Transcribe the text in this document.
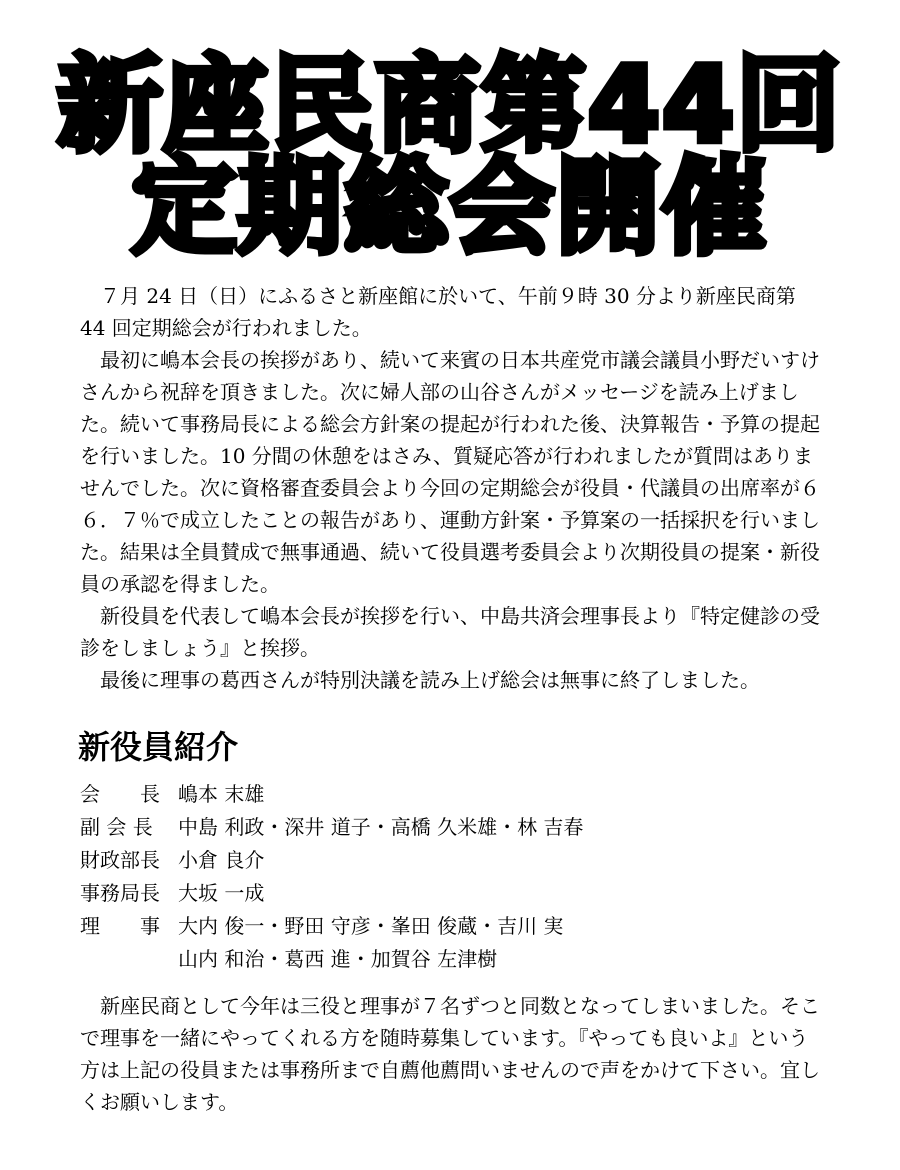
新座民商第44回
定期総会開催

　７月 24 日（日）にふるさと新座館に於いて、午前９時 30 分より新座民商第 44 回定期総会が行われました。

　最初に嶋本会長の挨拶があり、続いて来賓の日本共産党市議会議員小野だいすけさんから祝辞を頂きました。次に婦人部の山谷さんがメッセージを読み上げました。続いて事務局長による総会方針案の提起が行われた後、決算報告・予算の提起を行いました。10 分間の休憩をはさみ、質疑応答が行われましたが質問はありませんでした。次に資格審査委員会より今回の定期総会が役員・代議員の出席率が６６．７％で成立したことの報告があり、運動方針案・予算案の一括採択を行いました。結果は全員賛成で無事通過、続いて役員選考委員会より次期役員の提案・新役員の承認を得ました。

　新役員を代表して嶋本会長が挨拶を行い、中島共済会理事長より『特定健診の受診をしましょう』と挨拶。

　最後に理事の葛西さんが特別決議を読み上げ総会は無事に終了しました。

新役員紹介
会　　長 嶋本 末雄
副 会 長	中島 利政・深井 道子・高橋 久米雄・林 吉春
財政部長 小倉 良介
事務局長 大坂 一成
理　　事 大内 俊一・野田 守彦・峯田 俊蔵・吉川 実
山内 和治・葛西 進・加賀谷 左津樹

　新座民商として今年は三役と理事が７名ずつと同数となってしまいました。そこで理事を一緒にやってくれる方を随時募集しています。『やっても良いよ』という方は上記の役員または事務所まで自薦他薦問いませんので声をかけて下さい。宜しくお願いします。
